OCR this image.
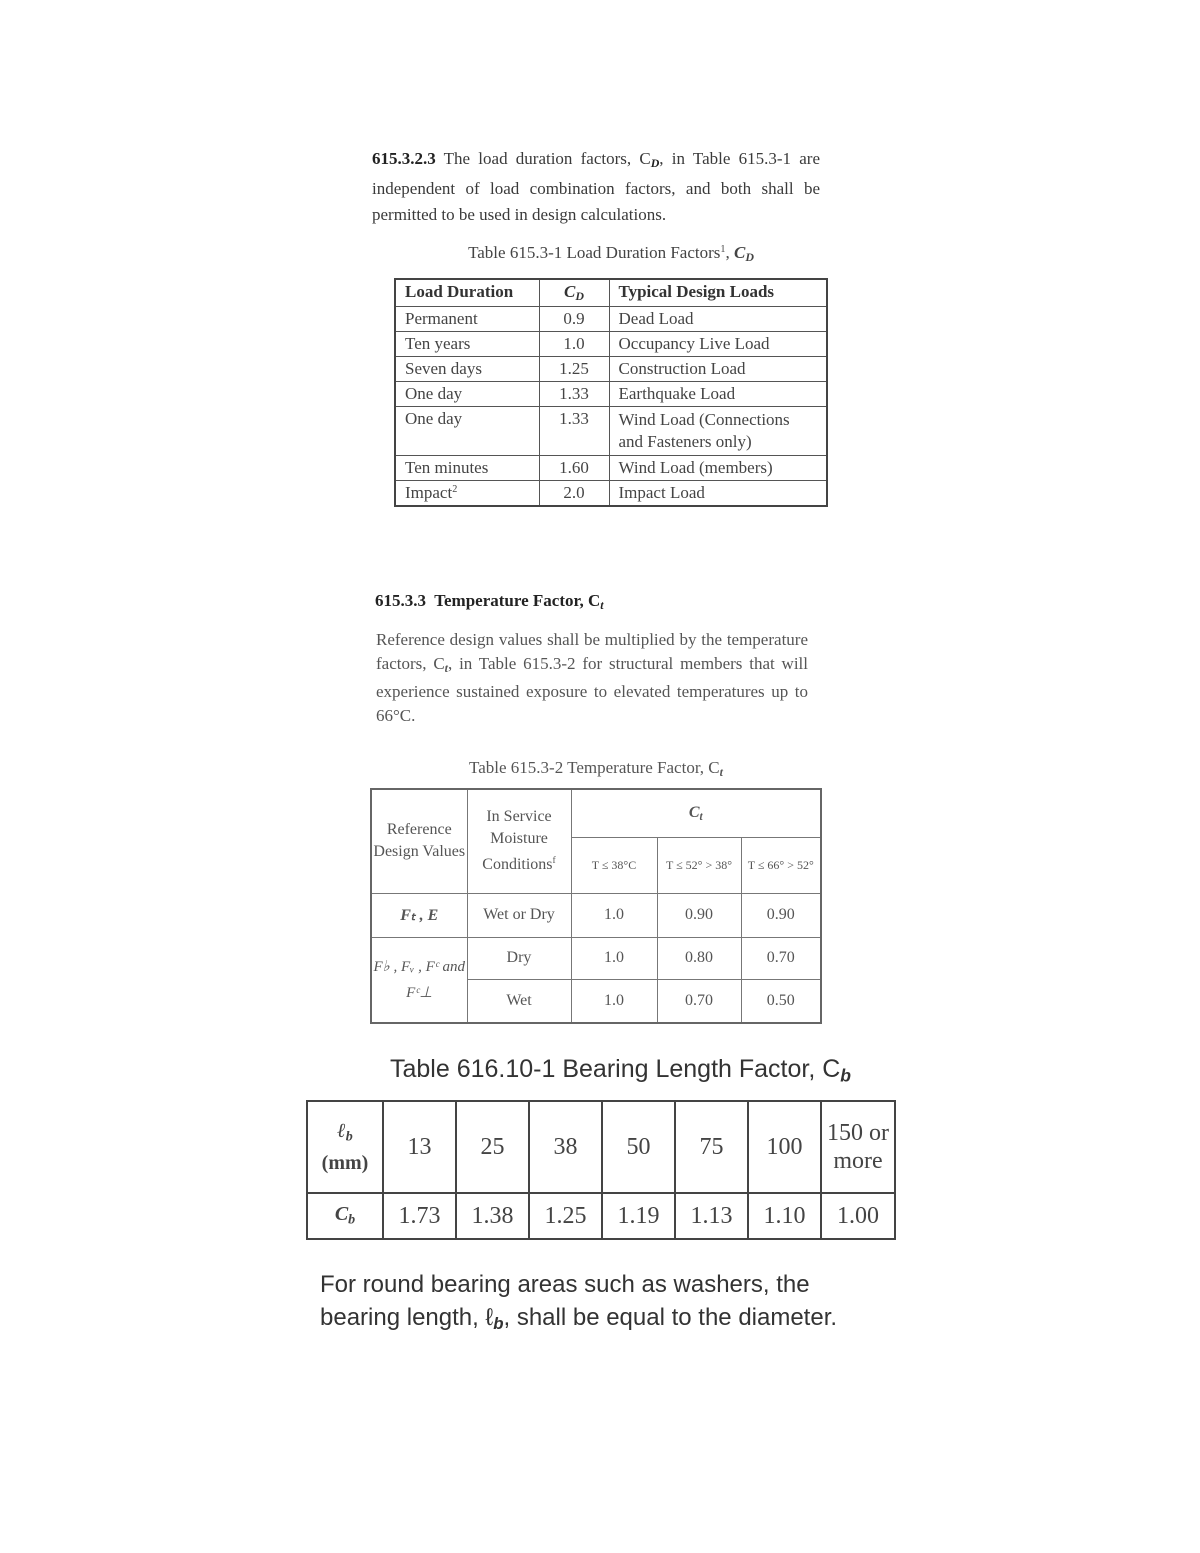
615.3.2.3 The load duration factors, $C_D$, in Table 615.3-1 are independent of load combination factors, and both shall be permitted to be used in design calculations.
Table 615.3-1 Load Duration Factors$^1$, $C_D$
Load Duration	$C_D$	Typical Design Loads
Permanent	0.9	Dead Load
Ten years	1.0	Occupancy Live Load
Seven days	1.25	Construction Load
One day	1.33	Earthquake Load
One day	1.33	Wind Load (Connections and Fasteners only)
Ten minutes	1.60	Wind Load (members)
Impact$^2$	2.0	Impact Load
615.3.3 Temperature Factor, $C_t$
Reference design values shall be multiplied by the temperature factors, $C_t$, in Table 615.3-2 for structural members that will experience sustained exposure to elevated temperatures up to 66°C.
Table 615.3-2 Temperature Factor, $C_t$
Reference Design Values	In Service Moisture Conditions$^f$	$C_t$
		T ≤ 38°C	T ≤ 52° > 38°	T ≤ 66° > 52°
Fₜ , E	Wet or Dry	1.0	0.90	0.90
F♭ , Fᵥ , Fᶜ and Fᶜ⊥	Dry	1.0	0.80	0.70
	Wet	1.0	0.70	0.50
Table 616.10-1 Bearing Length Factor, $C_b$
ℓ$_b$
(mm)	13	25	38	50	75	100	150 or more
$C_b$	1.73	1.38	1.25	1.19	1.13	1.10	1.00
For round bearing areas such as washers, the bearing length, ℓ$_b$, shall be equal to the diameter.
